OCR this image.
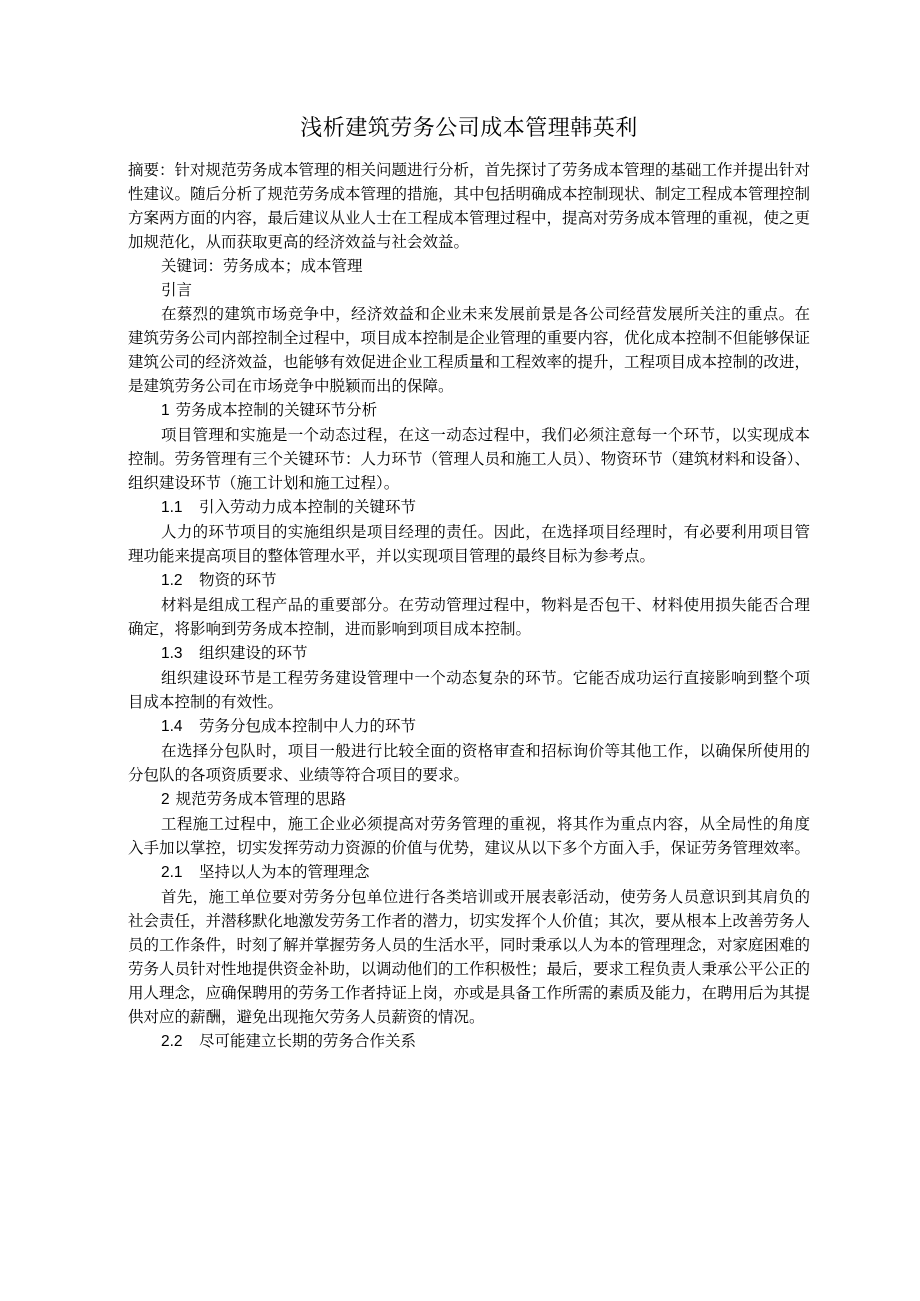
浅析建筑劳务公司成本管理韩英利

摘要：针对规范劳务成本管理的相关问题进行分析，首先探讨了劳务成本管理的基础工作并提出针对性建议。随后分析了规范劳务成本管理的措施，其中包括明确成本控制现状、制定工程成本管理控制方案两方面的内容，最后建议从业人士在工程成本管理过程中，提高对劳务成本管理的重视，使之更加规范化，从而获取更高的经济效益与社会效益。

关键词：劳务成本；成本管理

引言

在蔡烈的建筑市场竞争中，经济效益和企业未来发展前景是各公司经营发展所关注的重点。在建筑劳务公司内部控制全过程中，项目成本控制是企业管理的重要内容，优化成本控制不但能够保证建筑公司的经济效益，也能够有效促进企业工程质量和工程效率的提升，工程项目成本控制的改进，是建筑劳务公司在市场竞争中脱颖而出的保障。

1 劳务成本控制的关键环节分析

项目管理和实施是一个动态过程，在这一动态过程中，我们必须注意每一个环节，以实现成本控制。劳务管理有三个关键环节：人力环节（管理人员和施工人员）、物资环节（建筑材料和设备）、组织建设环节（施工计划和施工过程）。

1.1 引入劳动力成本控制的关键环节

人力的环节项目的实施组织是项目经理的责任。因此，在选择项目经理时，有必要利用项目管理功能来提高项目的整体管理水平，并以实现项目管理的最终目标为参考点。

1.2 物资的环节

材料是组成工程产品的重要部分。在劳动管理过程中，物料是否包干、材料使用损失能否合理确定，将影响到劳务成本控制，进而影响到项目成本控制。

1.3 组织建设的环节

组织建设环节是工程劳务建设管理中一个动态复杂的环节。它能否成功运行直接影响到整个项目成本控制的有效性。

1.4 劳务分包成本控制中人力的环节

在选择分包队时，项目一般进行比较全面的资格审查和招标询价等其他工作，以确保所使用的分包队的各项资质要求、业绩等符合项目的要求。

2 规范劳务成本管理的思路

工程施工过程中，施工企业必须提高对劳务管理的重视，将其作为重点内容，从全局性的角度入手加以掌控，切实发挥劳动力资源的价值与优势，建议从以下多个方面入手，保证劳务管理效率。

2.1 坚持以人为本的管理理念

首先，施工单位要对劳务分包单位进行各类培训或开展表彰活动，使劳务人员意识到其肩负的社会责任，并潜移默化地激发劳务工作者的潜力，切实发挥个人价值；其次，要从根本上改善劳务人员的工作条件，时刻了解并掌握劳务人员的生活水平，同时秉承以人为本的管理理念，对家庭困难的劳务人员针对性地提供资金补助，以调动他们的工作积极性；最后，要求工程负责人秉承公平公正的用人理念，应确保聘用的劳务工作者持证上岗，亦或是具备工作所需的素质及能力，在聘用后为其提供对应的薪酬，避免出现拖欠劳务人员薪资的情况。

2.2 尽可能建立长期的劳务合作关系
